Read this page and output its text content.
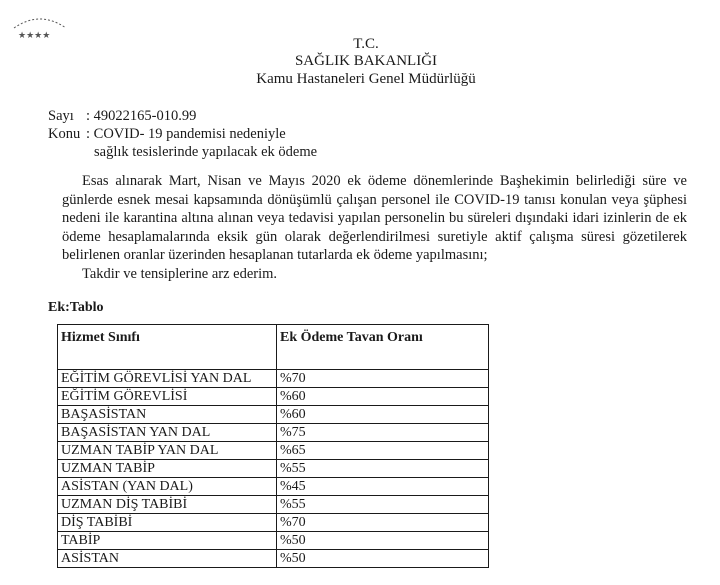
★★★★	T.C.
SAĞLIK BAKANLIĞI
Kamu Hastaneleri Genel Müdürlüğü
Sayı : 49022165-010.99
Konu : COVID- 19 pandemisi nedeniyle
sağlık tesislerinde yapılacak ek ödeme

Esas alınarak Mart, Nisan ve Mayıs 2020 ek ödeme dönemlerinde Başhekimin belirlediği süre ve günlerde esnek mesai kapsamında dönüşümlü çalışan personel ile COVID-19 tanısı konulan veya şüphesi nedeni ile karantina altına alınan veya tedavisi yapılan personelin bu süreleri dışındaki idari izinlerin de ek ödeme hesaplamalarında eksik gün olarak değerlendirilmesi suretiyle aktif çalışma süresi gözetilerek belirlenen oranlar üzerinden hesaplanan tutarlarda ek ödeme yapılmasını;

Takdir ve tensiplerine arz ederim.

Ek:Tablo
Hizmet Sınıfı	Ek Ödeme Tavan Oranı
EĞİTİM GÖREVLİSİ YAN DAL	%70
EĞİTİM GÖREVLİSİ	%60
BAŞASİSTAN	%60
BAŞASİSTAN YAN DAL	%75
UZMAN TABİP YAN DAL	%65
UZMAN TABİP	%55
ASİSTAN (YAN DAL)	%45
UZMAN DİŞ TABİBİ	%55
DİŞ TABİBİ	%70
TABİP	%50
ASİSTAN	%50
